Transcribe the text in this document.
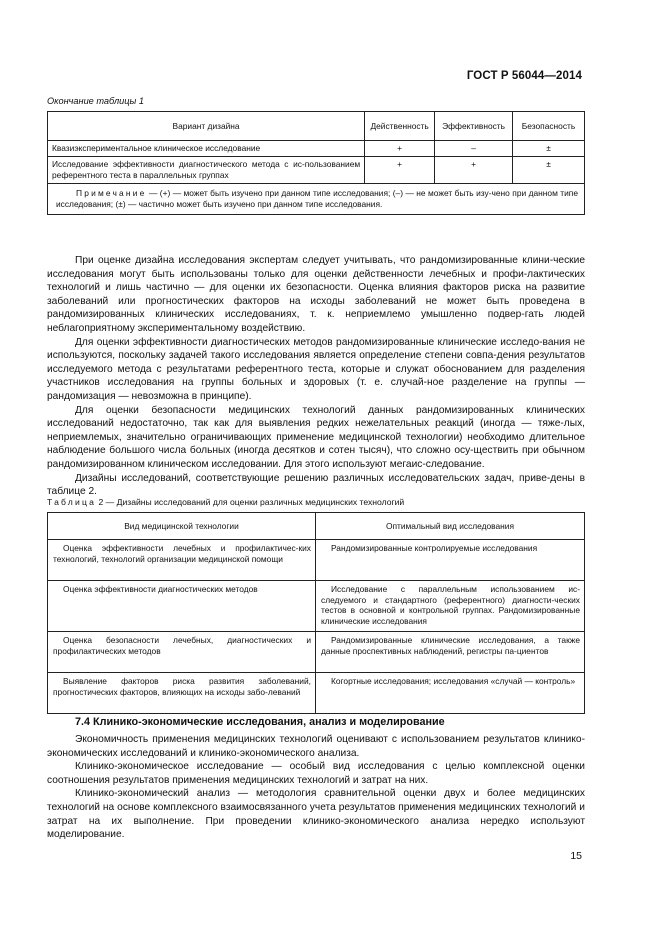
ГОСТ Р 56044—2014
Окончание таблицы 1
Вариант дизайна	Действенность	Эффективность	Безопасность
Квазиэкспериментальное клиническое исследование	+	–	±
Исследование эффективности диагностического метода с ис-пользованием референтного теста в параллельных группах	+	+	±
Примечание — (+) — может быть изучено при данном типе исследования; (–) — не может быть изу-чено при данном типе исследования; (±) — частично может быть изучено при данном типе исследования.			

При оценке дизайна исследования экспертам следует учитывать, что рандомизированные клини-ческие исследования могут быть использованы только для оценки действенности лечебных и профи-лактических технологий и лишь частично — для оценки их безопасности. Оценка влияния факторов риска на развитие заболеваний или прогностических факторов на исходы заболеваний не может быть проведена в рандомизированных клинических исследованиях, т. к. неприемлемо умышленно подвер-гать людей неблагоприятному экспериментальному воздействию.

Для оценки эффективности диагностических методов рандомизированные клинические исследо-вания не используются, поскольку задачей такого исследования является определение степени совпа-дения результатов исследуемого метода с результатами референтного теста, которые и служат обоснованием для разделения участников исследования на группы больных и здоровых (т. е. случай-ное разделение на группы — рандомизация — невозможна в принципе).

Для оценки безопасности медицинских технологий данных рандомизированных клинических исследований недостаточно, так как для выявления редких нежелательных реакций (иногда — тяже-лых, неприемлемых, значительно ограничивающих применение медицинской технологии) необходимо длительное наблюдение большого числа больных (иногда десятков и сотен тысяч), что сложно осу-ществить при обычном рандомизированном клиническом исследовании. Для этого используют мегаис-следование.

Дизайны исследований, соответствующие решению различных исследовательских задач, приве-дены в таблице 2.

Таблица 2 — Дизайны исследований для оценки различных медицинских технологий
Вид медицинской технологии	Оптимальный вид исследования
Оценка эффективности лечебных и профилактичес-ких технологий, технологий организации медицинской помощи	Рандомизированные контролируемые исследования
Оценка эффективности диагностических методов	Исследование с параллельным использованием ис-следуемого и стандартного (референтного) диагности-ческих тестов в основной и контрольной группах. Рандомизированные клинические исследования
Оценка безопасности лечебных, диагностических и профилактических методов	Рандомизированные клинические исследования, а также данные проспективных наблюдений, регистры па-циентов
Выявление факторов риска развития заболеваний, прогностических факторов, влияющих на исходы забо-леваний	Когортные исследования; исследования «случай — контроль»
7.4 Клинико-экономические исследования, анализ и моделирование

Экономичность применения медицинских технологий оценивают с использованием результатов клинико-экономических исследований и клинико-экономического анализа.

Клинико-экономическое исследование — особый вид исследования с целью комплексной оценки соотношения результатов применения медицинских технологий и затрат на них.

Клинико-экономический анализ — методология сравнительной оценки двух и более медицинских технологий на основе комплексного взаимосвязанного учета результатов применения медицинских технологий и затрат на их выполнение. При проведении клинико-экономического анализа нередко используют моделирование.

15
